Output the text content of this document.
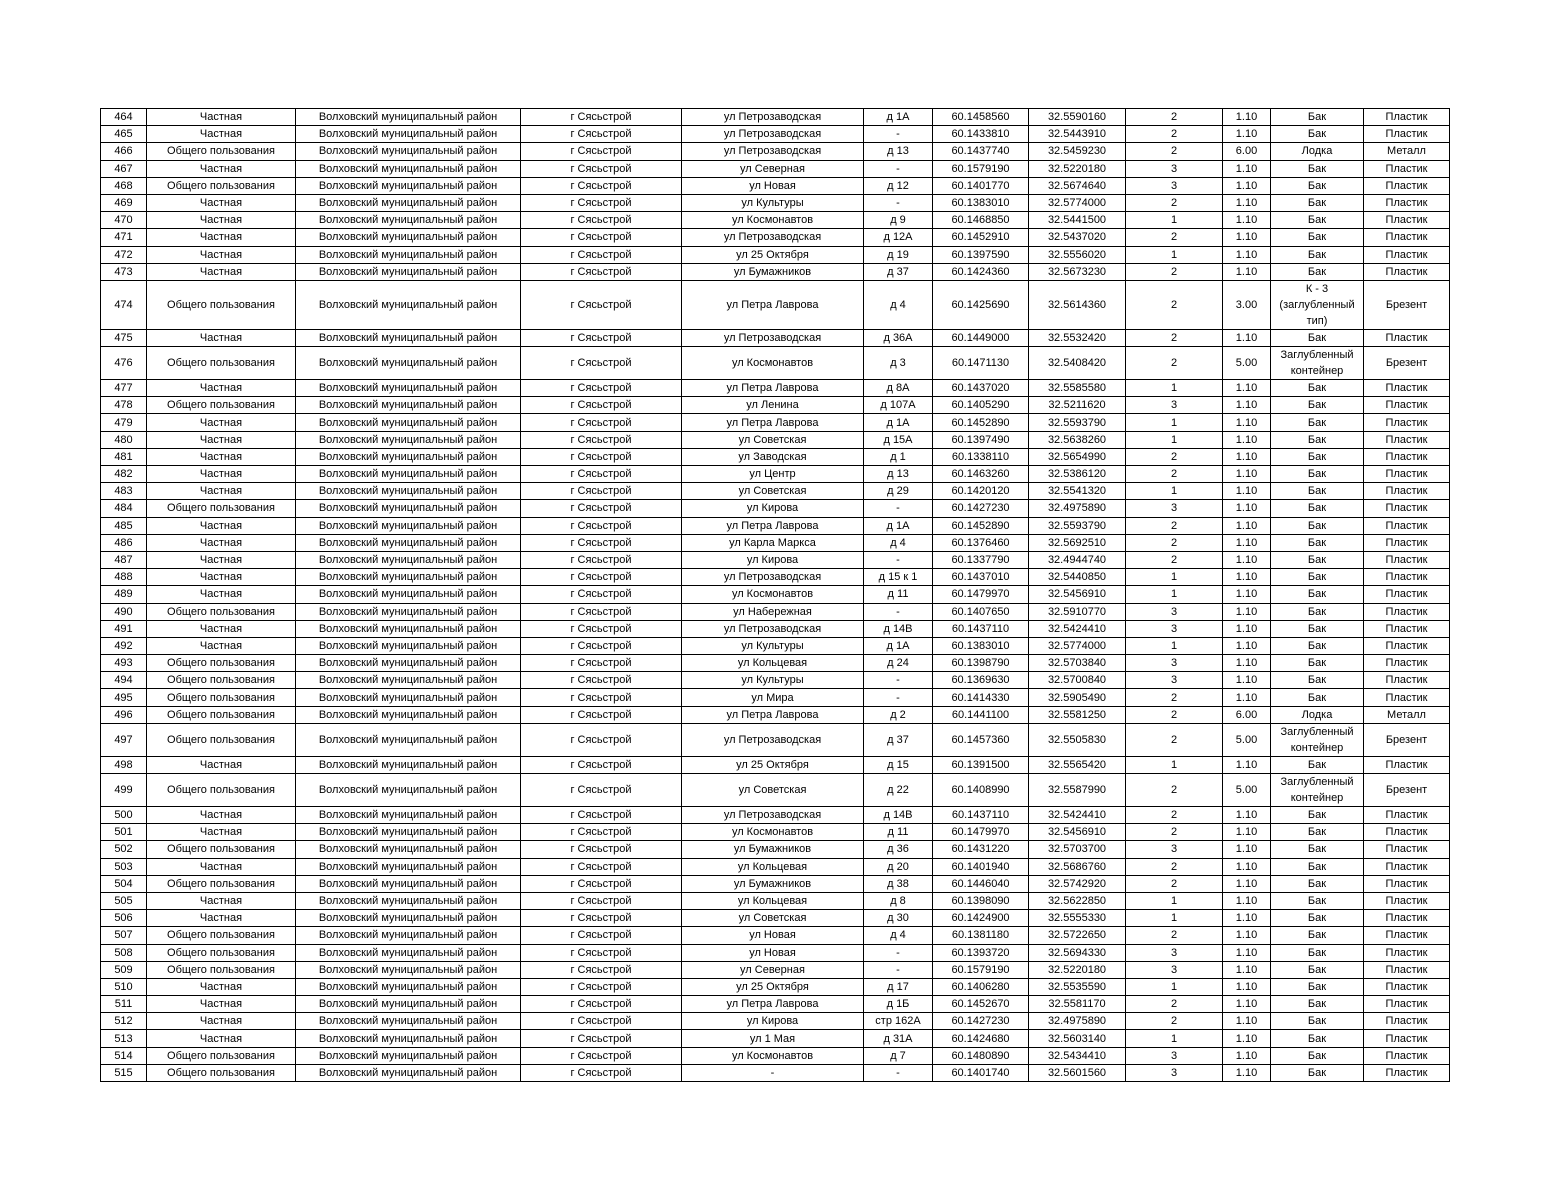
464	Частная	Волховский муниципальный район	г Сясьстрой	ул Петрозаводская	д 1А	60.1458560	32.5590160	2	1.10	Бак	Пластик
465	Частная	Волховский муниципальный район	г Сясьстрой	ул Петрозаводская	-	60.1433810	32.5443910	2	1.10	Бак	Пластик
466	Общего пользования	Волховский муниципальный район	г Сясьстрой	ул Петрозаводская	д 13	60.1437740	32.5459230	2	6.00	Лодка	Металл
467	Частная	Волховский муниципальный район	г Сясьстрой	ул Северная	-	60.1579190	32.5220180	3	1.10	Бак	Пластик
468	Общего пользования	Волховский муниципальный район	г Сясьстрой	ул Новая	д 12	60.1401770	32.5674640	3	1.10	Бак	Пластик
469	Частная	Волховский муниципальный район	г Сясьстрой	ул Культуры	-	60.1383010	32.5774000	2	1.10	Бак	Пластик
470	Частная	Волховский муниципальный район	г Сясьстрой	ул Космонавтов	д 9	60.1468850	32.5441500	1	1.10	Бак	Пластик
471	Частная	Волховский муниципальный район	г Сясьстрой	ул Петрозаводская	д 12А	60.1452910	32.5437020	2	1.10	Бак	Пластик
472	Частная	Волховский муниципальный район	г Сясьстрой	ул 25 Октября	д 19	60.1397590	32.5556020	1	1.10	Бак	Пластик
473	Частная	Волховский муниципальный район	г Сясьстрой	ул Бумажников	д 37	60.1424360	32.5673230	2	1.10	Бак	Пластик
474	Общего пользования	Волховский муниципальный район	г Сясьстрой	ул Петра Лаврова	д 4	60.1425690	32.5614360	2	3.00	К - 3 (заглубленный тип)	Брезент
475	Частная	Волховский муниципальный район	г Сясьстрой	ул Петрозаводская	д 36А	60.1449000	32.5532420	2	1.10	Бак	Пластик
476	Общего пользования	Волховский муниципальный район	г Сясьстрой	ул Космонавтов	д 3	60.1471130	32.5408420	2	5.00	Заглубленный контейнер	Брезент
477	Частная	Волховский муниципальный район	г Сясьстрой	ул Петра Лаврова	д 8А	60.1437020	32.5585580	1	1.10	Бак	Пластик
478	Общего пользования	Волховский муниципальный район	г Сясьстрой	ул Ленина	д 107А	60.1405290	32.5211620	3	1.10	Бак	Пластик
479	Частная	Волховский муниципальный район	г Сясьстрой	ул Петра Лаврова	д 1А	60.1452890	32.5593790	1	1.10	Бак	Пластик
480	Частная	Волховский муниципальный район	г Сясьстрой	ул Советская	д 15А	60.1397490	32.5638260	1	1.10	Бак	Пластик
481	Частная	Волховский муниципальный район	г Сясьстрой	ул Заводская	д 1	60.1338110	32.5654990	2	1.10	Бак	Пластик
482	Частная	Волховский муниципальный район	г Сясьстрой	ул Центр	д 13	60.1463260	32.5386120	2	1.10	Бак	Пластик
483	Частная	Волховский муниципальный район	г Сясьстрой	ул Советская	д 29	60.1420120	32.5541320	1	1.10	Бак	Пластик
484	Общего пользования	Волховский муниципальный район	г Сясьстрой	ул Кирова	-	60.1427230	32.4975890	3	1.10	Бак	Пластик
485	Частная	Волховский муниципальный район	г Сясьстрой	ул Петра Лаврова	д 1А	60.1452890	32.5593790	2	1.10	Бак	Пластик
486	Частная	Волховский муниципальный район	г Сясьстрой	ул Карла Маркса	д 4	60.1376460	32.5692510	2	1.10	Бак	Пластик
487	Частная	Волховский муниципальный район	г Сясьстрой	ул Кирова	-	60.1337790	32.4944740	2	1.10	Бак	Пластик
488	Частная	Волховский муниципальный район	г Сясьстрой	ул Петрозаводская	д 15 к 1	60.1437010	32.5440850	1	1.10	Бак	Пластик
489	Частная	Волховский муниципальный район	г Сясьстрой	ул Космонавтов	д 11	60.1479970	32.5456910	1	1.10	Бак	Пластик
490	Общего пользования	Волховский муниципальный район	г Сясьстрой	ул Набережная	-	60.1407650	32.5910770	3	1.10	Бак	Пластик
491	Частная	Волховский муниципальный район	г Сясьстрой	ул Петрозаводская	д 14В	60.1437110	32.5424410	3	1.10	Бак	Пластик
492	Частная	Волховский муниципальный район	г Сясьстрой	ул Культуры	д 1А	60.1383010	32.5774000	1	1.10	Бак	Пластик
493	Общего пользования	Волховский муниципальный район	г Сясьстрой	ул Кольцевая	д 24	60.1398790	32.5703840	3	1.10	Бак	Пластик
494	Общего пользования	Волховский муниципальный район	г Сясьстрой	ул Культуры	-	60.1369630	32.5700840	3	1.10	Бак	Пластик
495	Общего пользования	Волховский муниципальный район	г Сясьстрой	ул Мира	-	60.1414330	32.5905490	2	1.10	Бак	Пластик
496	Общего пользования	Волховский муниципальный район	г Сясьстрой	ул Петра Лаврова	д 2	60.1441100	32.5581250	2	6.00	Лодка	Металл
497	Общего пользования	Волховский муниципальный район	г Сясьстрой	ул Петрозаводская	д 37	60.1457360	32.5505830	2	5.00	Заглубленный контейнер	Брезент
498	Частная	Волховский муниципальный район	г Сясьстрой	ул 25 Октября	д 15	60.1391500	32.5565420	1	1.10	Бак	Пластик
499	Общего пользования	Волховский муниципальный район	г Сясьстрой	ул Советская	д 22	60.1408990	32.5587990	2	5.00	Заглубленный контейнер	Брезент
500	Частная	Волховский муниципальный район	г Сясьстрой	ул Петрозаводская	д 14В	60.1437110	32.5424410	2	1.10	Бак	Пластик
501	Частная	Волховский муниципальный район	г Сясьстрой	ул Космонавтов	д 11	60.1479970	32.5456910	2	1.10	Бак	Пластик
502	Общего пользования	Волховский муниципальный район	г Сясьстрой	ул Бумажников	д 36	60.1431220	32.5703700	3	1.10	Бак	Пластик
503	Частная	Волховский муниципальный район	г Сясьстрой	ул Кольцевая	д 20	60.1401940	32.5686760	2	1.10	Бак	Пластик
504	Общего пользования	Волховский муниципальный район	г Сясьстрой	ул Бумажников	д 38	60.1446040	32.5742920	2	1.10	Бак	Пластик
505	Частная	Волховский муниципальный район	г Сясьстрой	ул Кольцевая	д 8	60.1398090	32.5622850	1	1.10	Бак	Пластик
506	Частная	Волховский муниципальный район	г Сясьстрой	ул Советская	д 30	60.1424900	32.5555330	1	1.10	Бак	Пластик
507	Общего пользования	Волховский муниципальный район	г Сясьстрой	ул Новая	д 4	60.1381180	32.5722650	2	1.10	Бак	Пластик
508	Общего пользования	Волховский муниципальный район	г Сясьстрой	ул Новая	-	60.1393720	32.5694330	3	1.10	Бак	Пластик
509	Общего пользования	Волховский муниципальный район	г Сясьстрой	ул Северная	-	60.1579190	32.5220180	3	1.10	Бак	Пластик
510	Частная	Волховский муниципальный район	г Сясьстрой	ул 25 Октября	д 17	60.1406280	32.5535590	1	1.10	Бак	Пластик
511	Частная	Волховский муниципальный район	г Сясьстрой	ул Петра Лаврова	д 1Б	60.1452670	32.5581170	2	1.10	Бак	Пластик
512	Частная	Волховский муниципальный район	г Сясьстрой	ул Кирова	стр 162А	60.1427230	32.4975890	2	1.10	Бак	Пластик
513	Частная	Волховский муниципальный район	г Сясьстрой	ул 1 Мая	д 31А	60.1424680	32.5603140	1	1.10	Бак	Пластик
514	Общего пользования	Волховский муниципальный район	г Сясьстрой	ул Космонавтов	д 7	60.1480890	32.5434410	3	1.10	Бак	Пластик
515	Общего пользования	Волховский муниципальный район	г Сясьстрой	-	-	60.1401740	32.5601560	3	1.10	Бак	Пластик
